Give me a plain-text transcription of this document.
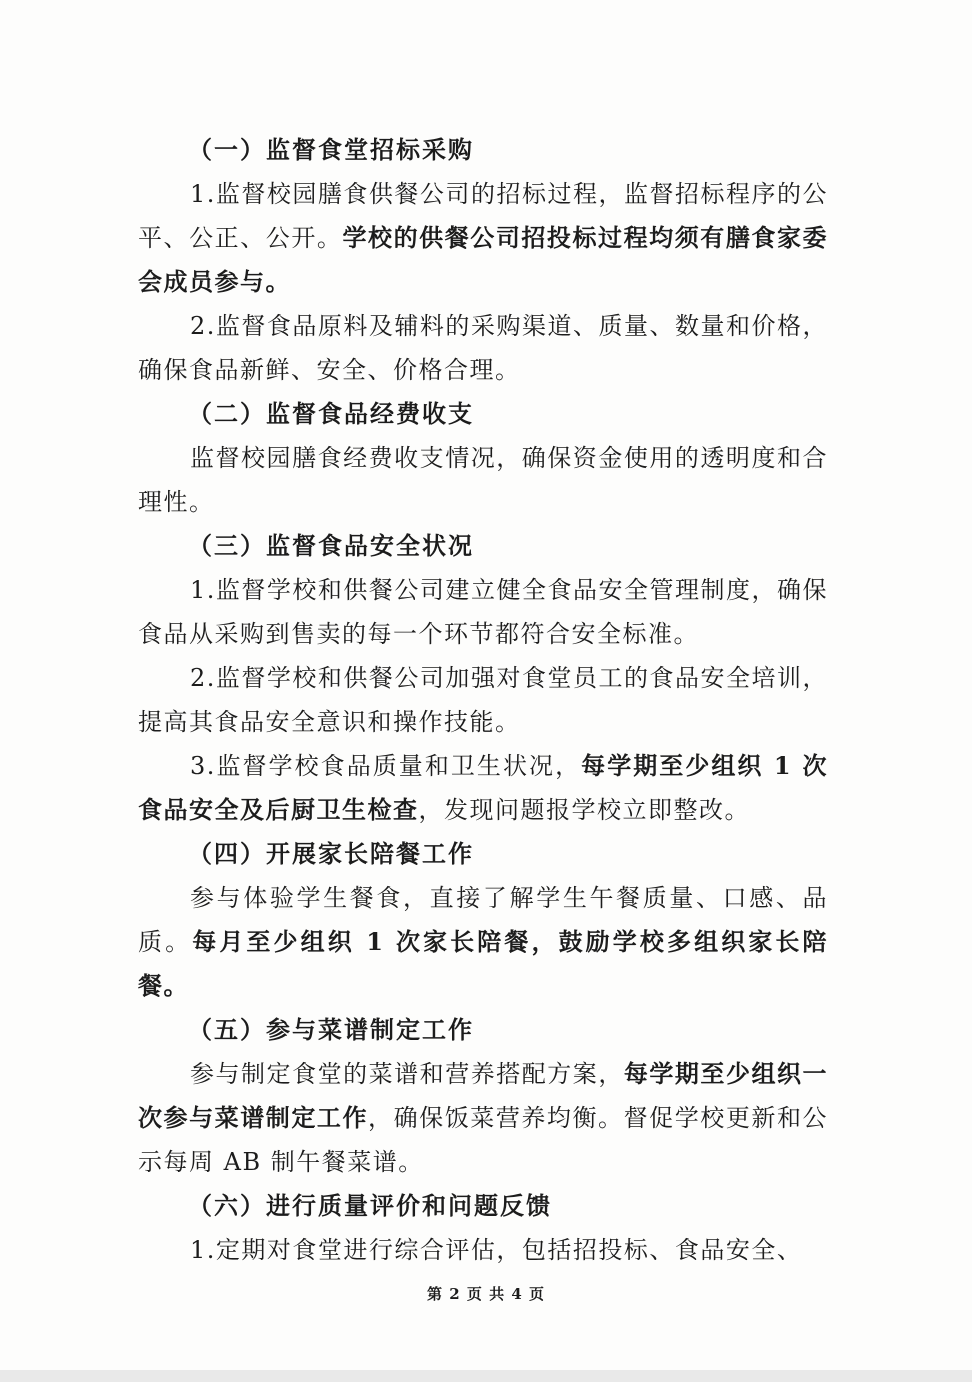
（一）监督食堂招标采购
1.监督校园膳食供餐公司的招标过程，监督招标程序的公平、公正、公开。学校的供餐公司招投标过程均须有膳食家委会成员参与。
2.监督食品原料及辅料的采购渠道、质量、数量和价格，确保食品新鲜、安全、价格合理。
（二）监督食品经费收支
监督校园膳食经费收支情况，确保资金使用的透明度和合理性。
（三）监督食品安全状况
1.监督学校和供餐公司建立健全食品安全管理制度，确保食品从采购到售卖的每一个环节都符合安全标准。
2.监督学校和供餐公司加强对食堂员工的食品安全培训，提高其食品安全意识和操作技能。
3.监督学校食品质量和卫生状况，每学期至少组织 1 次食品安全及后厨卫生检查，发现问题报学校立即整改。
（四）开展家长陪餐工作
参与体验学生餐食，直接了解学生午餐质量、口感、品质。每月至少组织 1 次家长陪餐，鼓励学校多组织家长陪餐。
（五）参与菜谱制定工作
参与制定食堂的菜谱和营养搭配方案，每学期至少组织一次参与菜谱制定工作，确保饭菜营养均衡。督促学校更新和公示每周 AB 制午餐菜谱。
（六）进行质量评价和问题反馈
1.定期对食堂进行综合评估，包括招投标、食品安全、
第 2 页 共 4 页
